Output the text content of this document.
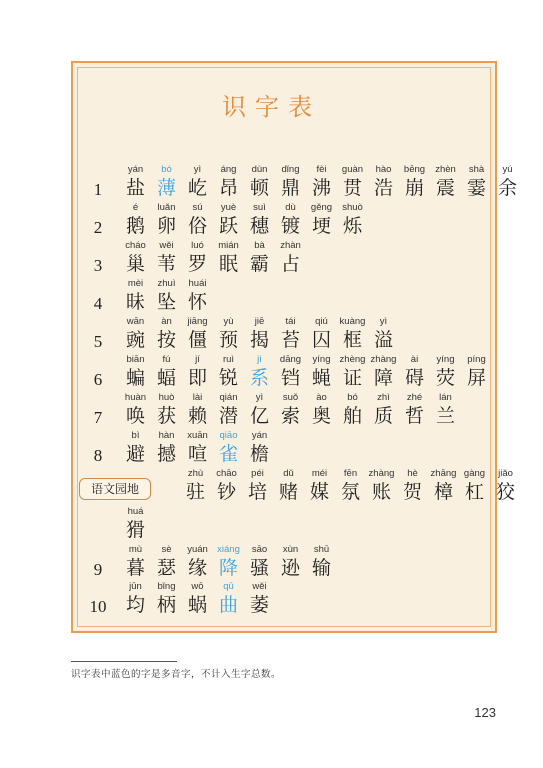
识字表
1
yán
盐
bó
薄
yì
屹
áng
昂
dùn
顿
dǐng
鼎
fèi
沸
guàn
贯
hào
浩
bēng
崩
zhèn
震
shà
霎
yú
余
2
é
鹅
luǎn
卵
sú
俗
yuè
跃
suì
穗
dù
镀
gěng
埂
shuò
烁
3
cháo
巢
wěi
苇
luó
罗
mián
眠
bà
霸
zhàn
占
4
mèi
昧
zhuì
坠
huái
怀
5
wān
豌
àn
按
jiāng
僵
yù
预
jiē
揭
tái
苔
qiú
囚
kuàng
框
yì
溢
6
biān
蝙
fú
蝠
jí
即
ruì
锐
jì
系
dāng
铛
yíng
蝇
zhèng
证
zhàng
障
ài
碍
yíng
荧
píng
屏
7
huàn
唤
huò
获
lài
赖
qián
潜
yì
亿
suǒ
索
ào
奥
bó
舶
zhì
质
zhé
哲
lán
兰
8
bì
避
hàn
撼
xuān
喧
qiāo
雀
yán
檐
zhù
驻
chāo
钞
péi
培
dǔ
赌
méi
媒
fēn
氛
zhàng
账
hè
贺
zhāng
樟
gàng
杠
jiǎo
狡
huá
猾
9
mù
暮
sè
瑟
yuán
缘
xiáng
降
sāo
骚
xùn
逊
shū
输
10
jūn
均
bǐng
柄
wō
蜗
qū
曲
wěi
萎
语文园地
识字表中蓝色的字是多音字，不计入生字总数。
123
